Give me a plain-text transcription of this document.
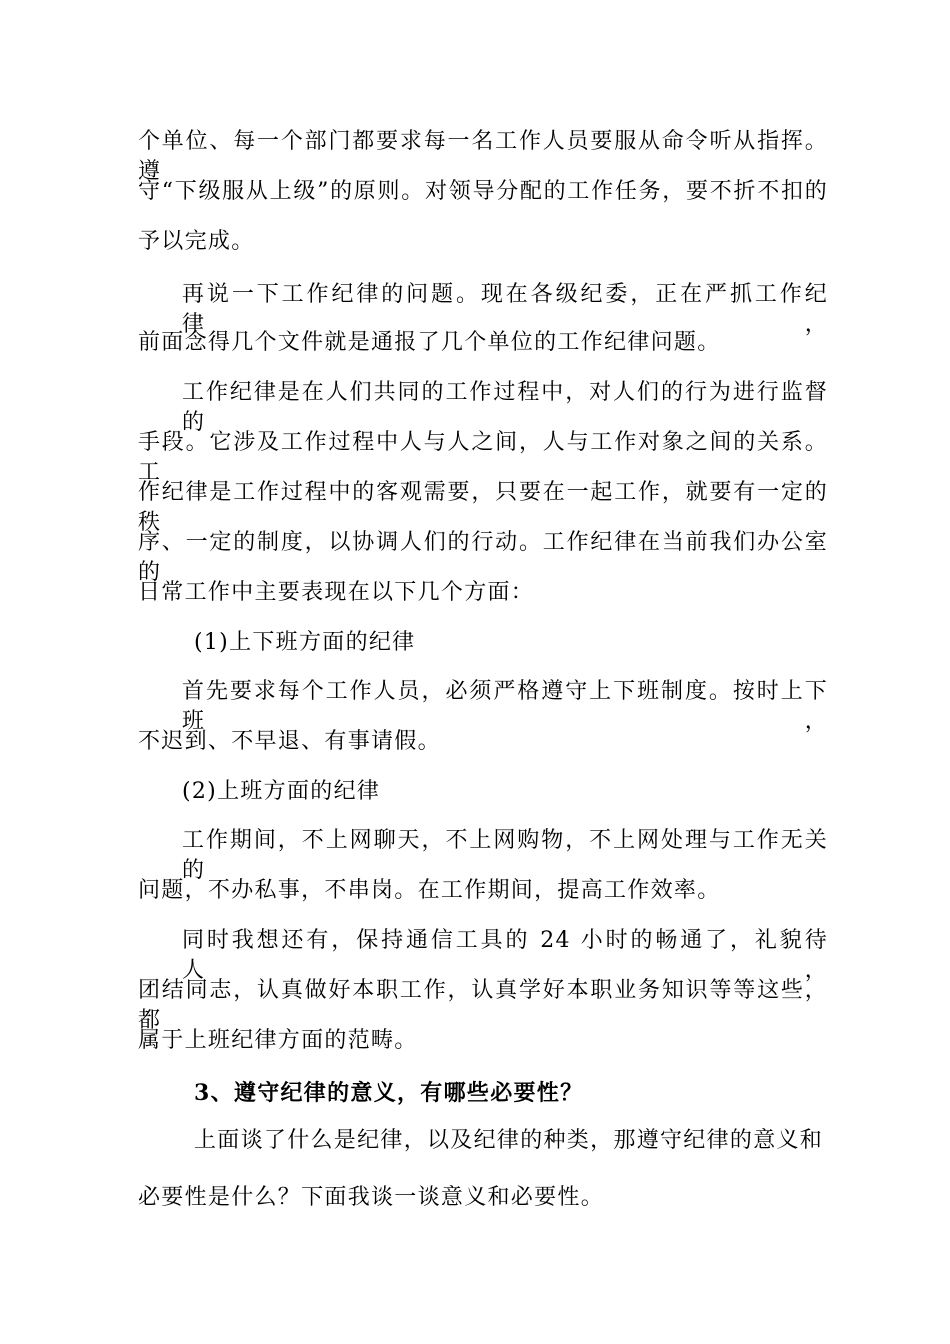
个单位、每一个部门都要求每一名工作人员要服从命令听从指挥。遵
守“下级服从上级”的原则。对领导分配的工作任务，要不折不扣的
予以完成。
再说一下工作纪律的问题。现在各级纪委，正在严抓工作纪律，
前面念得几个文件就是通报了几个单位的工作纪律问题。
工作纪律是在人们共同的工作过程中，对人们的行为进行监督的
手段。它涉及工作过程中人与人之间，人与工作对象之间的关系。工
作纪律是工作过程中的客观需要，只要在一起工作，就要有一定的秩
序、一定的制度，以协调人们的行动。工作纪律在当前我们办公室的
日常工作中主要表现在以下几个方面：
(1)上下班方面的纪律
首先要求每个工作人员，必须严格遵守上下班制度。按时上下班，
不迟到、不早退、有事请假。
(2)上班方面的纪律
工作期间，不上网聊天，不上网购物，不上网处理与工作无关的
问题，不办私事，不串岗。在工作期间，提高工作效率。
同时我想还有，保持通信工具的 24 小时的畅通了，礼貌待人，
团结同志，认真做好本职工作，认真学好本职业务知识等等这些，都
属于上班纪律方面的范畴。
3、遵守纪律的意义，有哪些必要性？
上面谈了什么是纪律，以及纪律的种类，那遵守纪律的意义和
必要性是什么？下面我谈一谈意义和必要性。
